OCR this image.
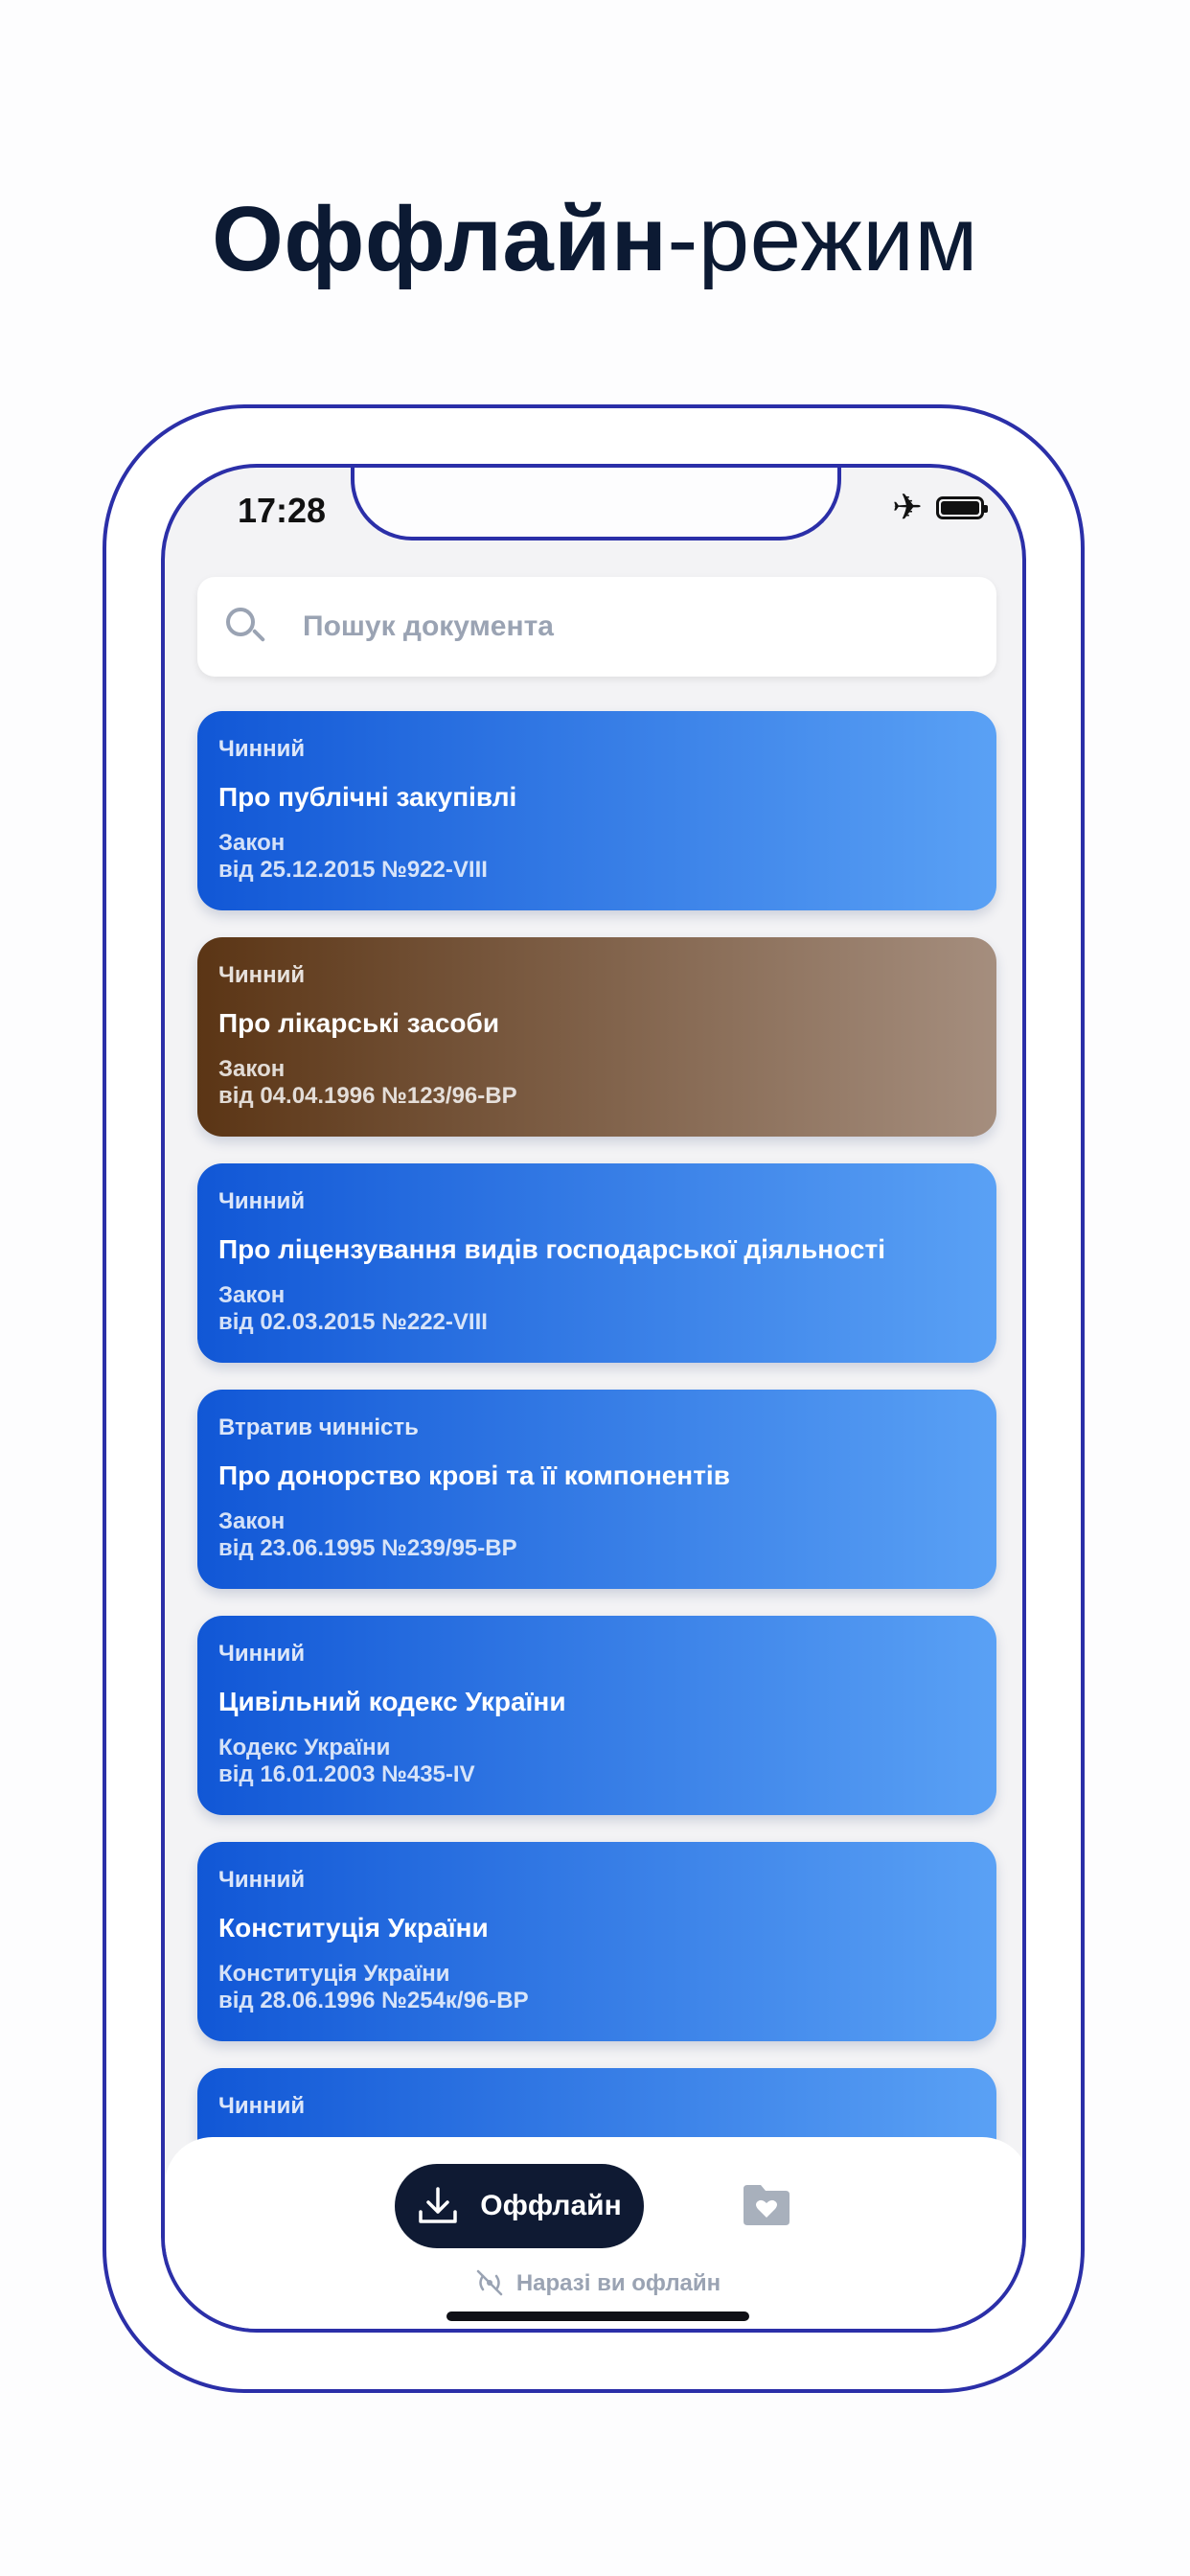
Оффлайн-режим
17:28	✈
Пошук документа
Чинний
Про публічні закупівлі
Закон
від 25.12.2015 №922-VIII
Чинний
Про лікарські засоби
Закон
від 04.04.1996 №123/96-ВР
Чинний
Про ліцензування видів господарської діяльності
Закон
від 02.03.2015 №222-VIII
Втратив чинність
Про донорство крові та її компонентів
Закон
від 23.06.1995 №239/95-ВР
Чинний
Цивільний кодекс України
Кодекс України
від 16.01.2003 №435-IV
Чинний
Конституція України
Конституція України
від 28.06.1996 №254к/96-ВР
Чинний
Оффлайн
Наразі ви офлайн
